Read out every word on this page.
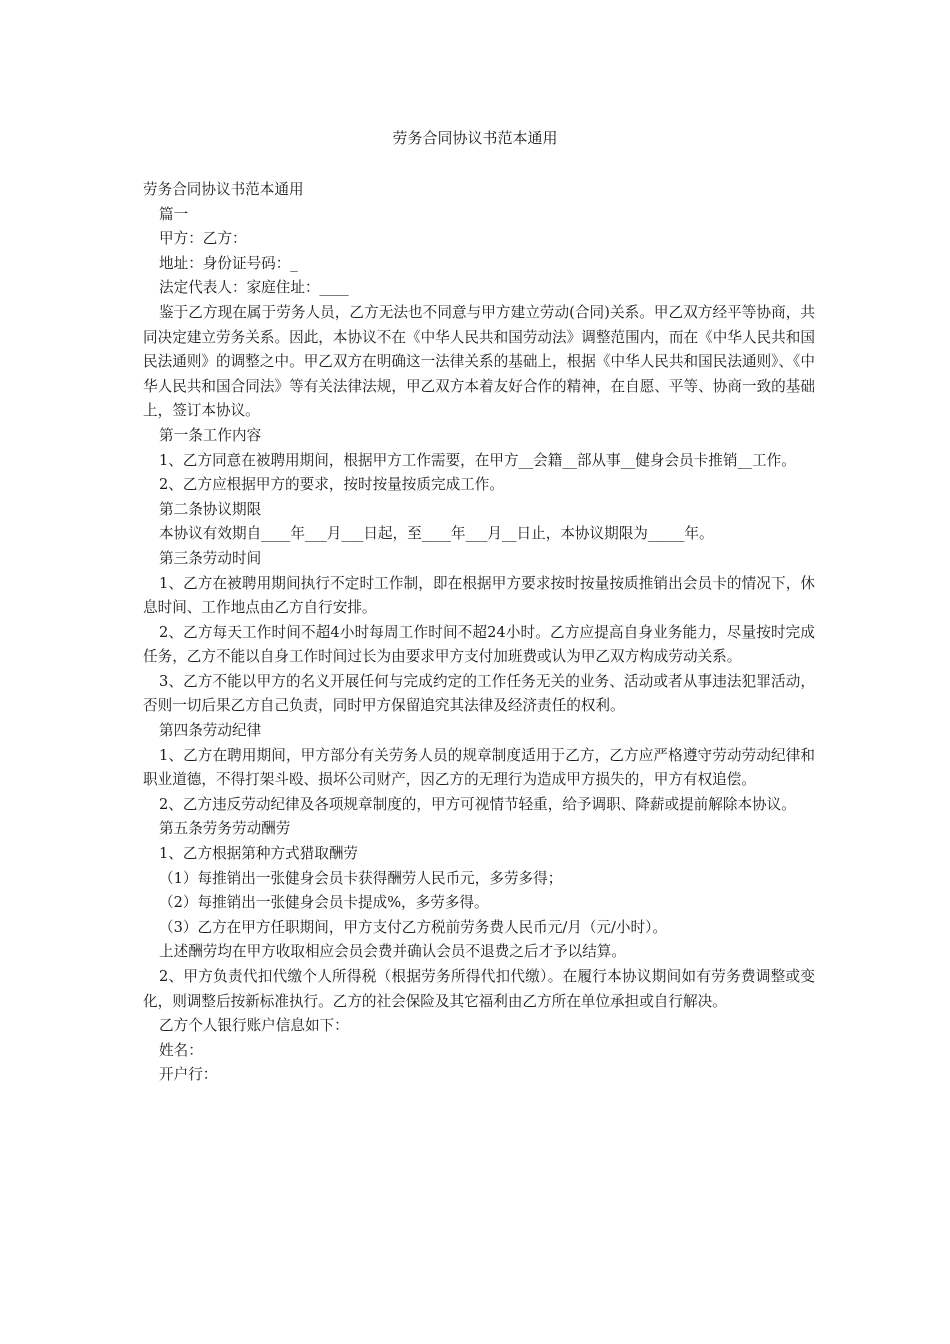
劳务合同协议书范本通用

劳务合同协议书范本通用

篇一

甲方：乙方：

地址：身份证号码：_

法定代表人：家庭住址：____

鉴于乙方现在属于劳务人员，乙方无法也不同意与甲方建立劳动(合同)关系。甲乙双方经平等协商，共同决定建立劳务关系。因此，本协议不在《中华人民共和国劳动法》调整范围内，而在《中华人民共和国民法通则》的调整之中。甲乙双方在明确这一法律关系的基础上，根据《中华人民共和国民法通则》、《中华人民共和国合同法》等有关法律法规，甲乙双方本着友好合作的精神，在自愿、平等、协商一致的基础上，签订本协议。

第一条工作内容

1、乙方同意在被聘用期间，根据甲方工作需要，在甲方__会籍__部从事__健身会员卡推销__工作。

2、乙方应根据甲方的要求，按时按量按质完成工作。

第二条协议期限

本协议有效期自____年___月___日起，至____年___月__日止，本协议期限为_____年。

第三条劳动时间

1、乙方在被聘用期间执行不定时工作制，即在根据甲方要求按时按量按质推销出会员卡的情况下，休息时间、工作地点由乙方自行安排。

2、乙方每天工作时间不超4小时每周工作时间不超24小时。乙方应提高自身业务能力，尽量按时完成任务，乙方不能以自身工作时间过长为由要求甲方支付加班费或认为甲乙双方构成劳动关系。

3、乙方不能以甲方的名义开展任何与完成约定的工作任务无关的业务、活动或者从事违法犯罪活动，否则一切后果乙方自己负责，同时甲方保留追究其法律及经济责任的权利。

第四条劳动纪律

1、乙方在聘用期间，甲方部分有关劳务人员的规章制度适用于乙方，乙方应严格遵守劳动劳动纪律和职业道德，不得打架斗殴、损坏公司财产，因乙方的无理行为造成甲方损失的，甲方有权追偿。

2、乙方违反劳动纪律及各项规章制度的，甲方可视情节轻重，给予调职、降薪或提前解除本协议。

第五条劳务劳动酬劳

1、乙方根据第种方式猎取酬劳

（1）每推销出一张健身会员卡获得酬劳人民币元，多劳多得；

（2）每推销出一张健身会员卡提成%，多劳多得。

（3）乙方在甲方任职期间，甲方支付乙方税前劳务费人民币元/月（元/小时）。

上述酬劳均在甲方收取相应会员会费并确认会员不退费之后才予以结算。

2、甲方负责代扣代缴个人所得税（根据劳务所得代扣代缴）。在履行本协议期间如有劳务费调整或变化，则调整后按新标准执行。乙方的社会保险及其它福利由乙方所在单位承担或自行解决。

乙方个人银行账户信息如下：

姓名：

开户行：
